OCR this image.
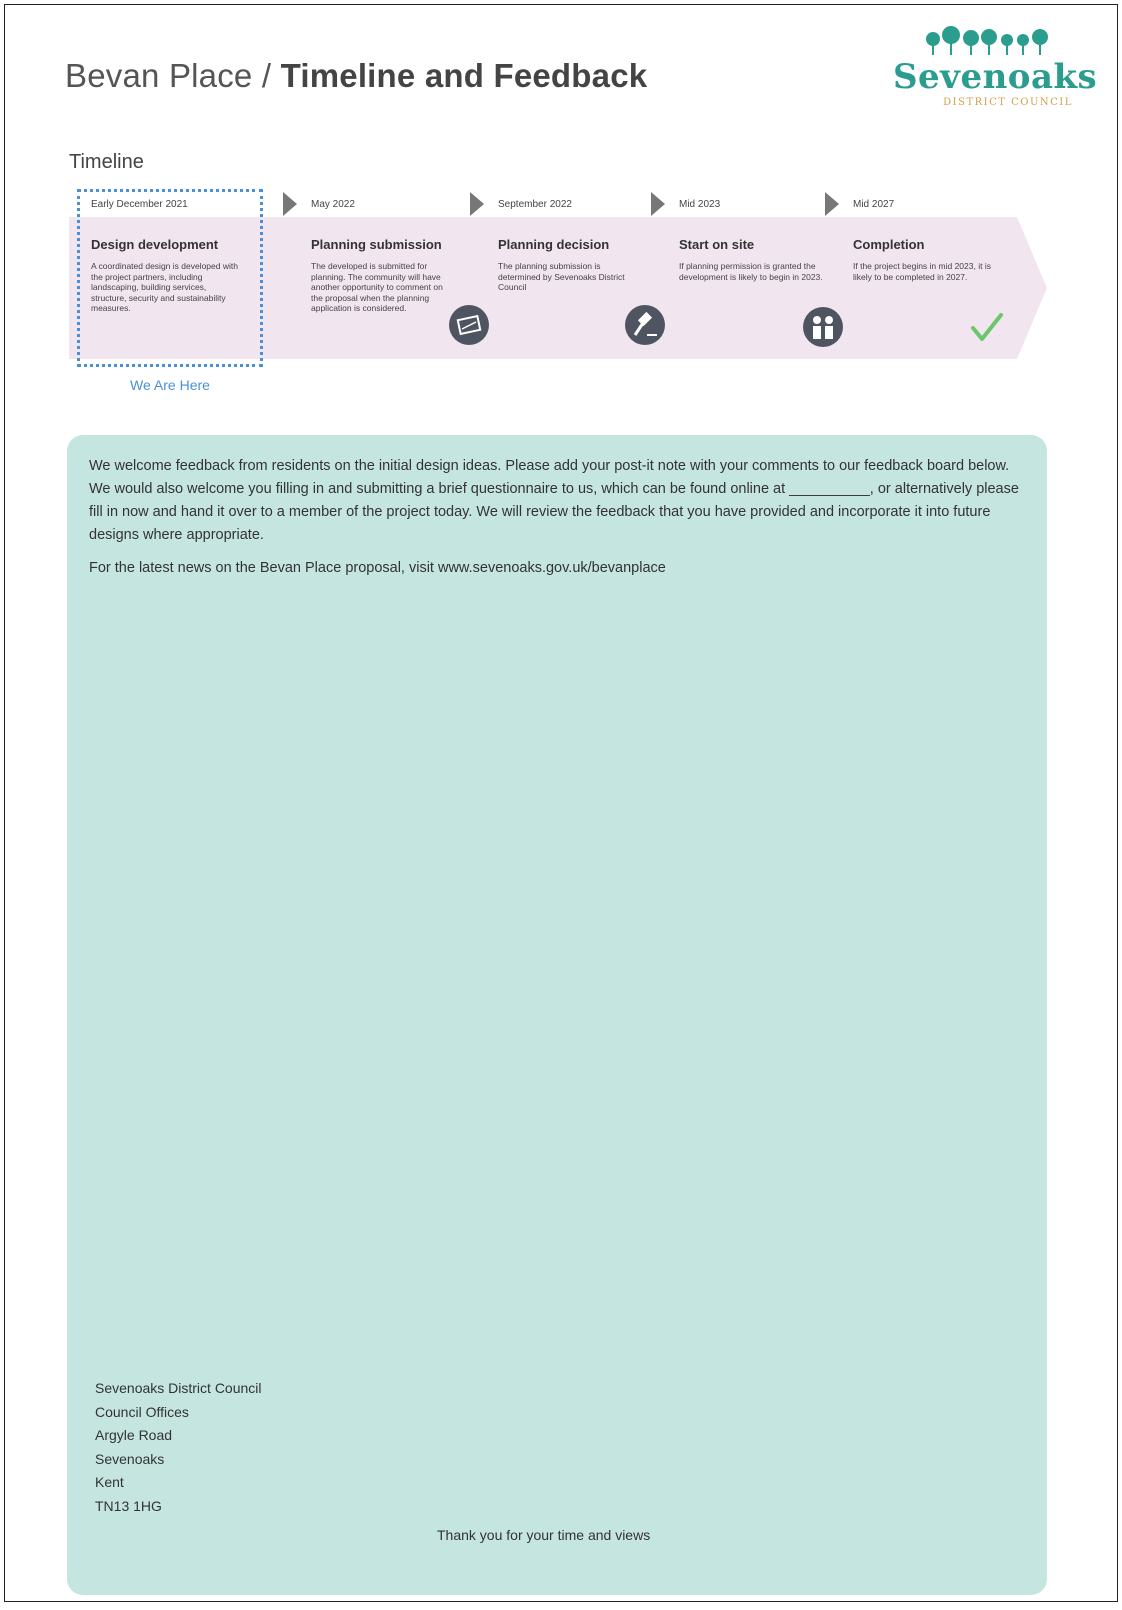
Bevan Place / Timeline and Feedback	Sevenoaks
DISTRICT COUNCIL
Timeline
We Are Here
Early December 2021
Design development
A coordinated design is developed with the project partners, including landscaping, building services, structure, security and sustainability measures.
May 2022
Planning submission
The developed is submitted for planning. The community will have another opportunity to comment on the proposal when the planning application is considered.
September 2022
Planning decision
The planning submission is determined by Sevenoaks District Council
Mid 2023
Start on site
If planning permission is granted the development is likely to begin in 2023.
Mid 2027
Completion
If the project begins in mid 2023, it is likely to be completed in 2027.

We welcome feedback from residents on the initial design ideas. Please add your post-it note with your comments to our feedback board below. We would also welcome you filling in and submitting a brief questionnaire to us, which can be found online at __________, or alternatively please fill in now and hand it over to a member of the project today. We will review the feedback that you have provided and incorporate it into future designs where appropriate.

For the latest news on the Bevan Place proposal, visit www.sevenoaks.gov.uk/bevanplace

Sevenoaks District Council
Council Offices
Argyle Road
Sevenoaks
Kent
TN13 1HG
Thank you for your time and views
